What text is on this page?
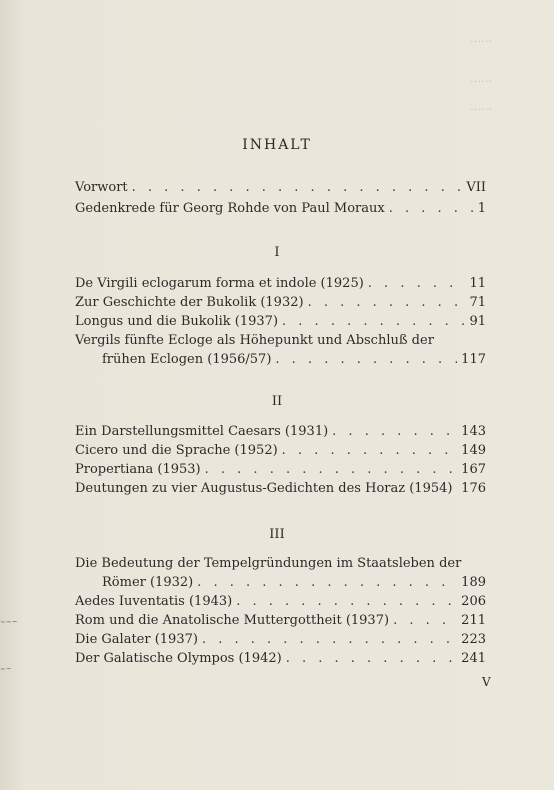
……
……
……
INHALT
Vorwort . . .	VII
Gedenkrede für Georg Rohde von Paul Moraux . . .	1
I
De Virgili eclogarum forma et indole (1925) . . .	11
Zur Geschichte der Bukolik (1932) . . .	71
Longus und die Bukolik (1937) . . .	91
Vergils fünfte Ecloge als Höhepunkt und Abschluß der
frühen Eclogen (1956/57) . . .	117
II
Ein Darstellungsmittel Caesars (1931) . . .	143
Cicero und die Sprache (1952) . . .	149
Propertiana (1953) . . .	167
Deutungen zu vier Augustus-Gedichten des Horaz (1954) . . . 176
III
Die Bedeutung der Tempelgründungen im Staatsleben der
Römer (1932) . . .	189
Aedes Iuventatis (1943) . . .	206
Rom und die Anatolische Muttergottheit (1937) . . .	211
Die Galater (1937) . . .	223
Der Galatische Olympos (1942) . . .	241
V
~~~
~~
